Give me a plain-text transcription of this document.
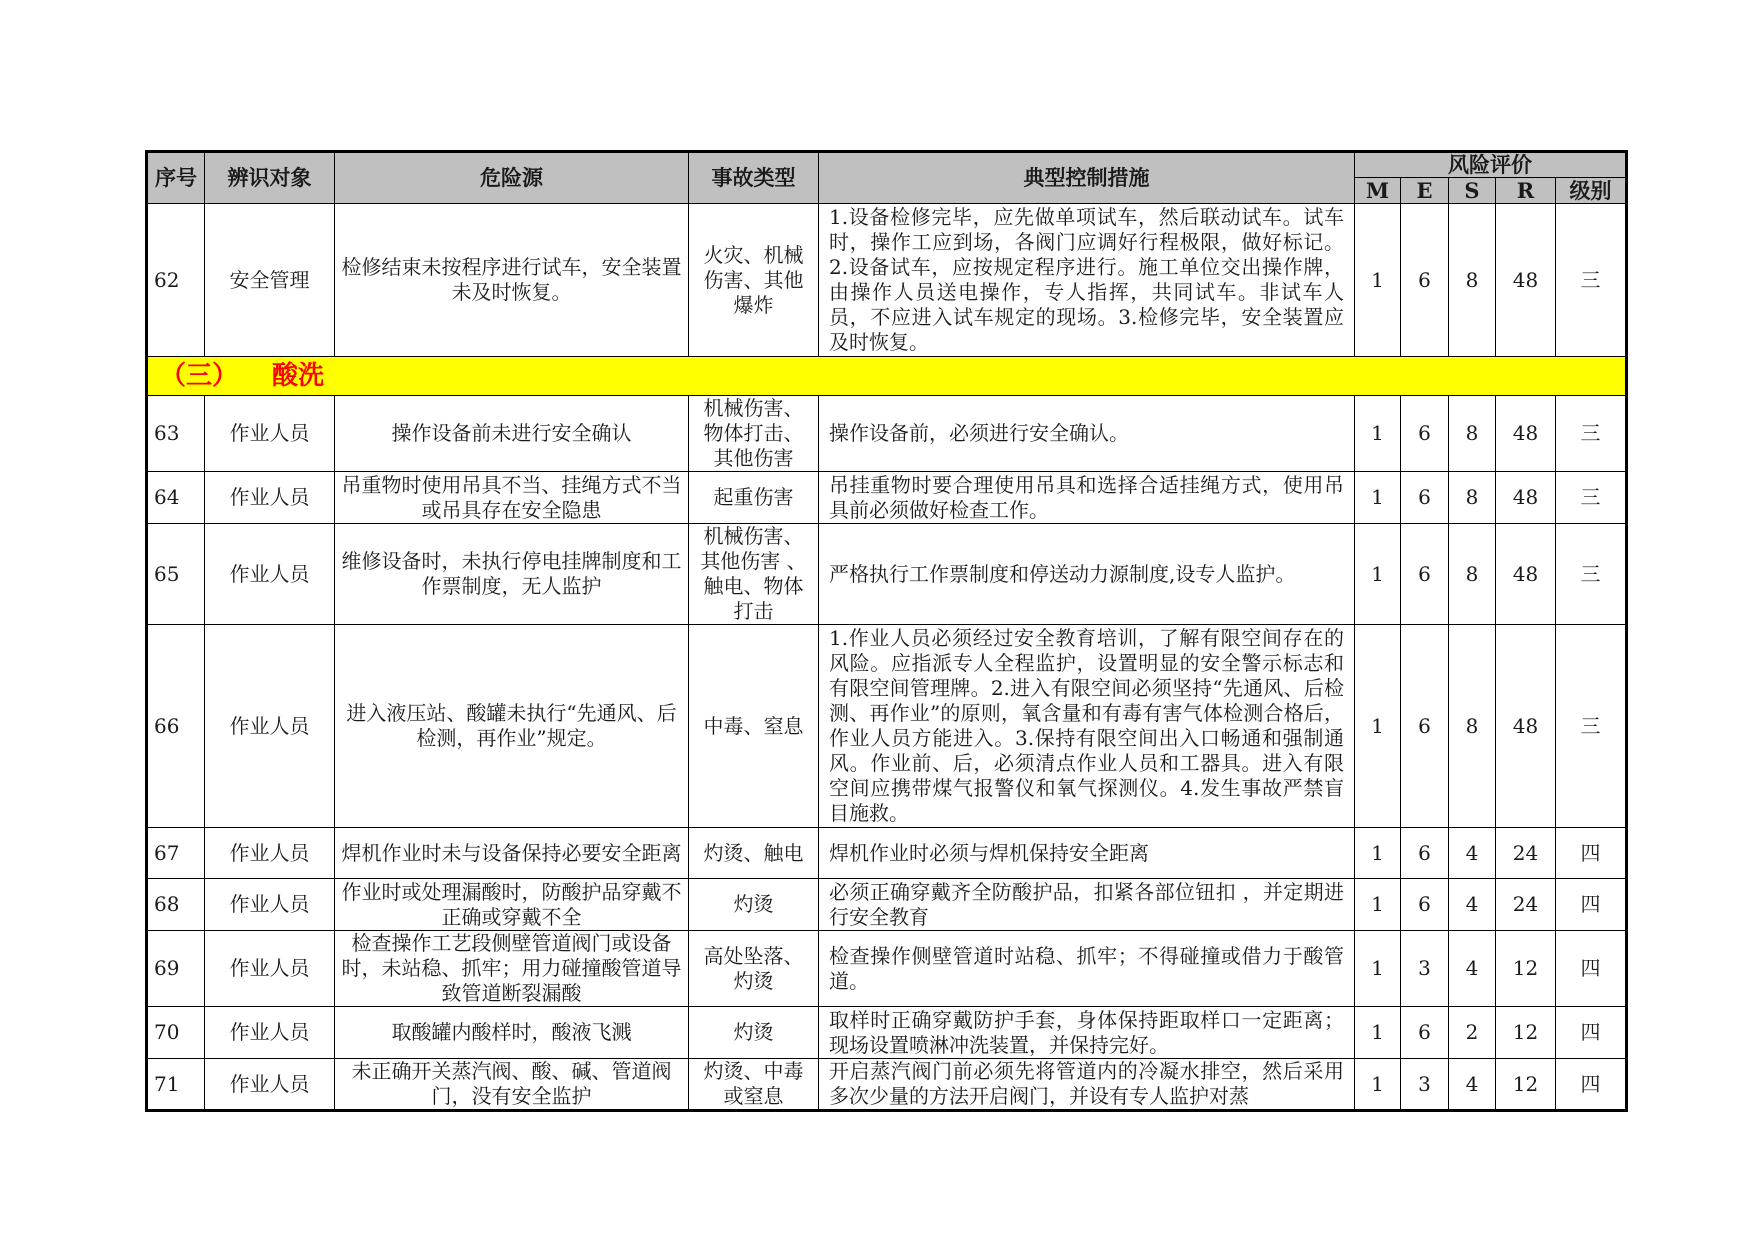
序号	辨识对象	危险源	事故类型	典型控制措施	风险评价				
					M	E	S	R	级别
62	安全管理	检修结束未按程序进行试车，安全装置未及时恢复。	火灾、机械伤害、其他爆炸	1.设备检修完毕，应先做单项试车，然后联动试车。试车时，操作工应到场，各阀门应调好行程极限，做好标记。2.设备试车，应按规定程序进行。施工单位交出操作牌，由操作人员送电操作，专人指挥，共同试车。非试车人员，不应进入试车规定的现场。3.检修完毕，安全装置应及时恢复。	1	6	8	48	三
（三） 酸洗									
63	作业人员	操作设备前未进行安全确认	机械伤害、物体打击、其他伤害	操作设备前，必须进行安全确认。	1	6	8	48	三
64	作业人员	吊重物时使用吊具不当、挂绳方式不当或吊具存在安全隐患	起重伤害	吊挂重物时要合理使用吊具和选择合适挂绳方式，使用吊具前必须做好检查工作。	1	6	8	48	三
65	作业人员	维修设备时，未执行停电挂牌制度和工作票制度，无人监护	机械伤害、其他伤害 、触电、物体打击	严格执行工作票制度和停送动力源制度,设专人监护。	1	6	8	48	三
66	作业人员	进入液压站、酸罐未执行“先通风、后检测，再作业”规定。	中毒、窒息	1.作业人员必须经过安全教育培训，了解有限空间存在的风险。应指派专人全程监护，设置明显的安全警示标志和有限空间管理牌。2.进入有限空间必须坚持“先通风、后检测、再作业”的原则，氧含量和有毒有害气体检测合格后，作业人员方能进入。3.保持有限空间出入口畅通和强制通风。作业前、后，必须清点作业人员和工器具。进入有限空间应携带煤气报警仪和氧气探测仪。4.发生事故严禁盲目施救。	1	6	8	48	三
67	作业人员	焊机作业时未与设备保持必要安全距离	灼烫、触电	焊机作业时必须与焊机保持安全距离	1	6	4	24	四
68	作业人员	作业时或处理漏酸时，防酸护品穿戴不正确或穿戴不全	灼烫	必须正确穿戴齐全防酸护品，扣紧各部位钮扣 ，并定期进行安全教育	1	6	4	24	四
69	作业人员	检查操作工艺段侧壁管道阀门或设备时，未站稳、抓牢；用力碰撞酸管道导致管道断裂漏酸	高处坠落、灼烫	检查操作侧壁管道时站稳、抓牢；不得碰撞或借力于酸管道。	1	3	4	12	四
70	作业人员	取酸罐内酸样时，酸液飞溅	灼烫	取样时正确穿戴防护手套，身体保持距取样口一定距离；现场设置喷淋冲洗装置，并保持完好。	1	6	2	12	四
71	作业人员	未正确开关蒸汽阀、酸、碱、管道阀门，没有安全监护	灼烫、中毒或窒息	开启蒸汽阀门前必须先将管道内的冷凝水排空，然后采用多次少量的方法开启阀门，并设有专人监护对蒸	1	3	4	12	四
